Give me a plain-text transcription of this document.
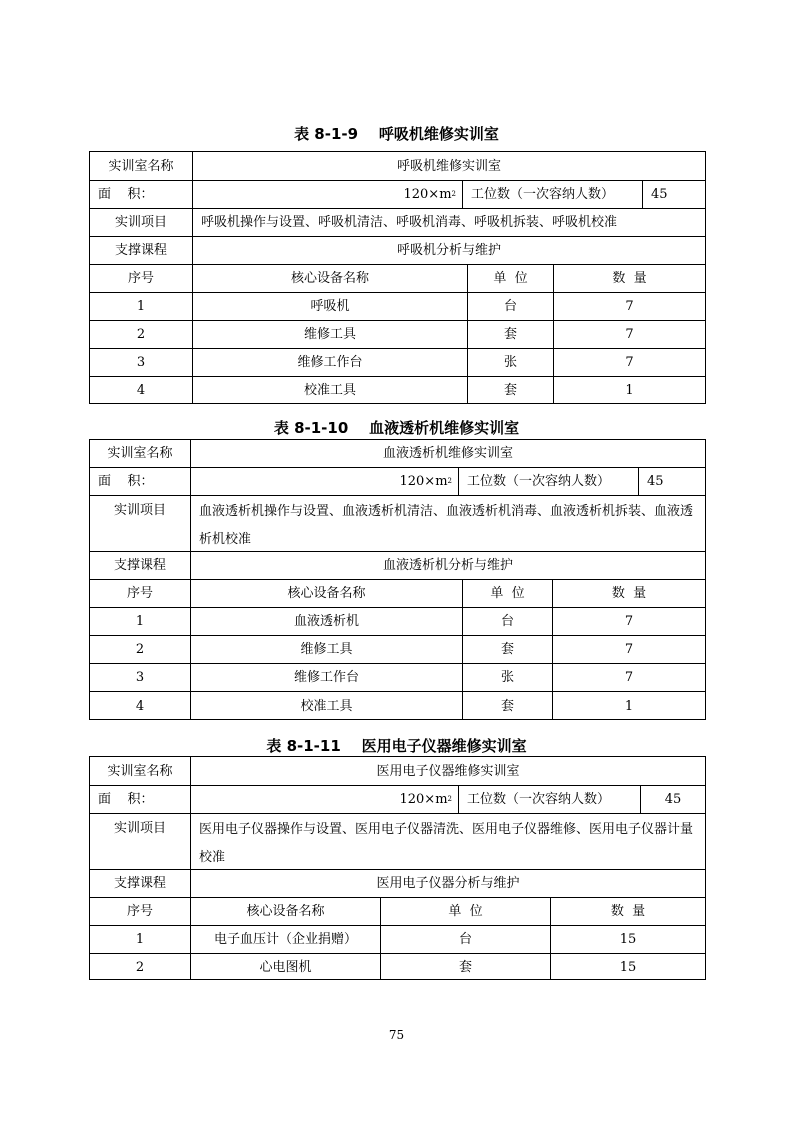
表 8-1-9    呼吸机维修实训室
实训室名称	呼吸机维修实训室
面    积：	120×m 2	工位数（一次容纳人数）	45
实训项目	呼吸机操作与设置、呼吸机清洁、呼吸机消毒、呼吸机拆装、呼吸机校准
支撑课程	呼吸机分析与维护
序号	核心设备名称	单  位	数  量
1	呼吸机	台	7
2	维修工具	套	7
3	维修工作台	张	7
4	校准工具	套	1
表 8-1-10    血液透析机维修实训室
实训室名称	血液透析机维修实训室
面    积：	120×m 2	工位数（一次容纳人数）	45
实训项目	血液透析机操作与设置、血液透析机清洁、血液透析机消毒、血液透析机拆装、血液透析机校准
支撑课程	血液透析机分析与维护
序号	核心设备名称	单  位	数  量
1	血液透析机	台	7
2	维修工具	套	7
3	维修工作台	张	7
4	校准工具	套	1
表 8-1-11    医用电子仪器维修实训室
实训室名称	医用电子仪器维修实训室
面    积：	120×m 2	工位数（一次容纳人数）	45
实训项目	医用电子仪器操作与设置、医用电子仪器清洗、医用电子仪器维修、医用电子仪器计量校准
支撑课程	医用电子仪器分析与维护
序号	核心设备名称	单  位	数  量
1	电子血压计（企业捐赠）	台	15
2	心电图机	套	15
75
